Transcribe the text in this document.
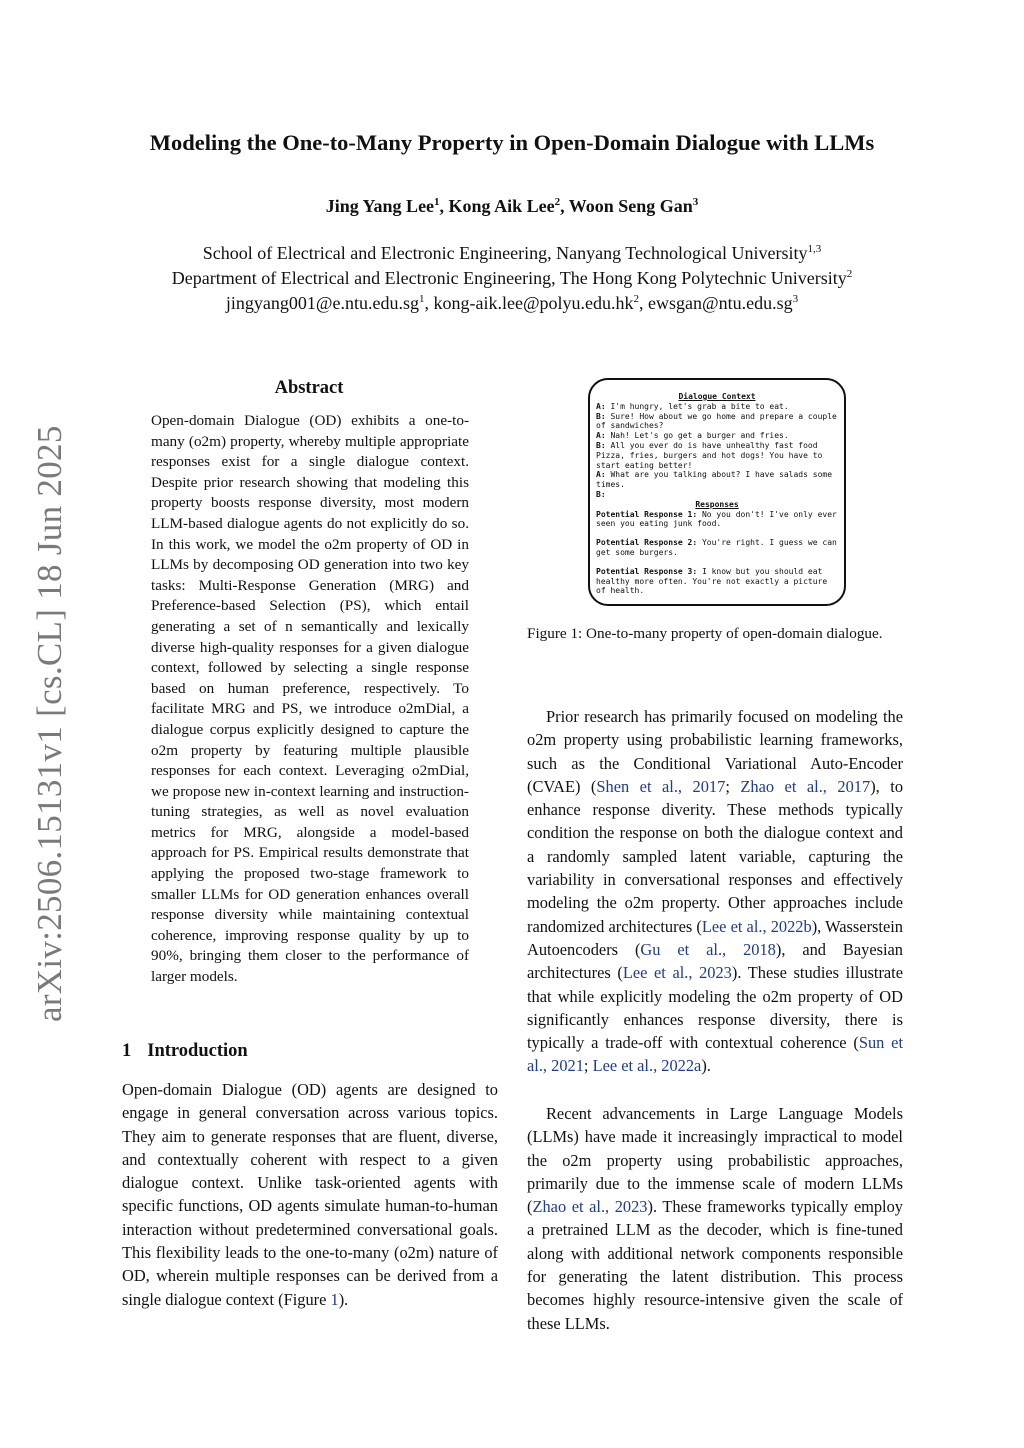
arXiv:2506.15131v1 [cs.CL] 18 Jun 2025
Modeling the One-to-Many Property in Open-Domain Dialogue with LLMs
Jing Yang Lee$^1$, Kong Aik Lee$^2$, Woon Seng Gan$^3$
School of Electrical and Electronic Engineering, Nanyang Technological University$^{1,3}$
Department of Electrical and Electronic Engineering, The Hong Kong Polytechnic University$^2$
$jingyang001@e.ntu.edu.sg^1$, kong-$aik.lee@polyu.edu.hk^2$, $ewsgan@ntu.edu.sg^3$
Abstract
Open-domain Dialogue (OD) exhibits a one-to-many (o2m) property, whereby multiple appropriate responses exist for a single dialogue context. Despite prior research showing that modeling this property boosts response diversity, most modern LLM-based dialogue agents do not explicitly do so. In this work, we model the o2m property of OD in LLMs by decomposing OD generation into two key tasks: Multi-Response Generation (MRG) and Preference-based Selection (PS), which entail generating a set of n semantically and lexically diverse high-quality responses for a given dialogue context, followed by selecting a single response based on human preference, respectively. To facilitate MRG and PS, we introduce o2mDial, a dialogue corpus explicitly designed to capture the o2m property by featuring multiple plausible responses for each context. Leveraging o2mDial, we propose new in-context learning and instruction-tuning strategies, as well as novel evaluation metrics for MRG, alongside a model-based approach for PS. Empirical results demonstrate that applying the proposed two-stage framework to smaller LLMs for OD generation enhances overall response diversity while maintaining contextual coherence, improving response quality by up to 90%, bringing them closer to the performance of larger models.
1 Introduction
Open-domain Dialogue (OD) agents are designed to engage in general conversation across various topics. They aim to generate responses that are fluent, diverse, and contextually coherent with respect to a given dialogue context. Unlike task-oriented agents with specific functions, OD agents simulate human-to-human interaction without predetermined conversational goals. This flexibility leads to the one-to-many (o2m) nature of OD, wherein multiple responses can be derived from a single dialogue context (Figure 1).
Dialogue Context
A: I'm hungry, let's grab a bite to eat.
B: Sure! How about we go home and prepare a couple of sandwiches?
A: Nah! Let's go get a burger and fries.
B: All you ever do is have unhealthy fast food Pizza, fries, burgers and hot dogs! You have to start eating better!
A: What are you talking about? I have salads some times.
B:
Responses
Potential Response 1: No you don't! I've only ever seen you eating junk food.
Potential Response 2: You're right. I guess we can get some burgers.
Potential Response 3: I know but you should eat healthy more often. You're not exactly a picture of health.
Figure 1: One-to-many property of open-domain dialogue.
Prior research has primarily focused on modeling the o2m property using probabilistic learning frameworks, such as the Conditional Variational Auto-Encoder (CVAE) (Shen et al., 2017; Zhao et al., 2017), to enhance response diverity. These methods typically condition the response on both the dialogue context and a randomly sampled latent variable, capturing the variability in conversational responses and effectively modeling the o2m property. Other approaches include randomized architectures (Lee et al., 2022b), Wasserstein Autoencoders (Gu et al., 2018), and Bayesian architectures (Lee et al., 2023). These studies illustrate that while explicitly modeling the o2m property of OD significantly enhances response diversity, there is typically a trade-off with contextual coherence (Sun et al., 2021; Lee et al., 2022a).
Recent advancements in Large Language Models (LLMs) have made it increasingly impractical to model the o2m property using probabilistic approaches, primarily due to the immense scale of modern LLMs (Zhao et al., 2023). These frameworks typically employ a pretrained LLM as the decoder, which is fine-tuned along with additional network components responsible for generating the latent distribution. This process becomes highly resource-intensive given the scale of these LLMs.
